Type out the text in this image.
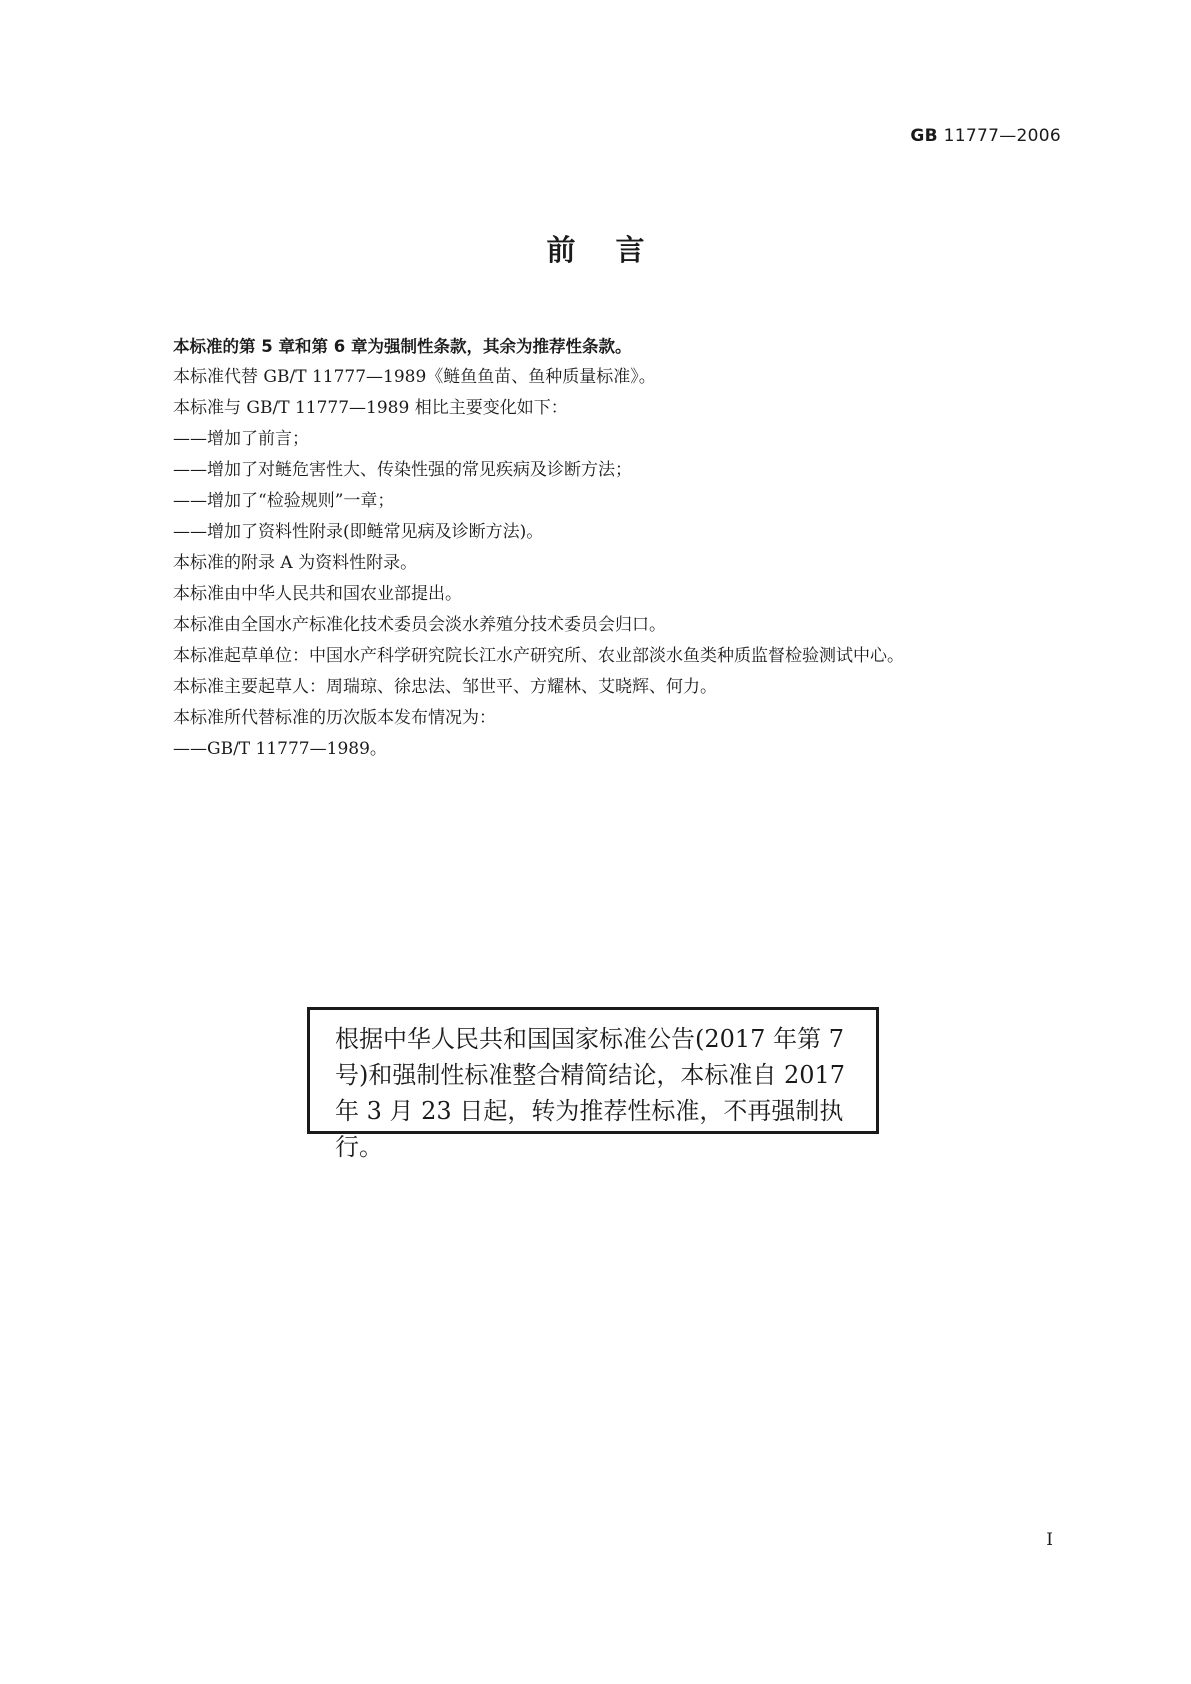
GB 11777—2006
前言
本标准的第 5 章和第 6 章为强制性条款，其余为推荐性条款。
本标准代替 GB/T 11777—1989《鲢鱼鱼苗、鱼种质量标准》。
本标准与 GB/T 11777—1989 相比主要变化如下：
——增加了前言；
——增加了对鲢危害性大、传染性强的常见疾病及诊断方法；
——增加了“检验规则”一章；
——增加了资料性附录(即鲢常见病及诊断方法)。
本标准的附录 A 为资料性附录。
本标准由中华人民共和国农业部提出。
本标准由全国水产标准化技术委员会淡水养殖分技术委员会归口。
本标准起草单位：中国水产科学研究院长江水产研究所、农业部淡水鱼类种质监督检验测试中心。
本标准主要起草人：周瑞琼、徐忠法、邹世平、方耀林、艾晓辉、何力。
本标准所代替标准的历次版本发布情况为：
——GB/T 11777—1989。
根据中华人民共和国国家标准公告(2017 年第 7 号)和强制性标准整合精简结论，本标准自 2017 年 3 月 23 日起，转为推荐性标准，不再强制执行。
I
